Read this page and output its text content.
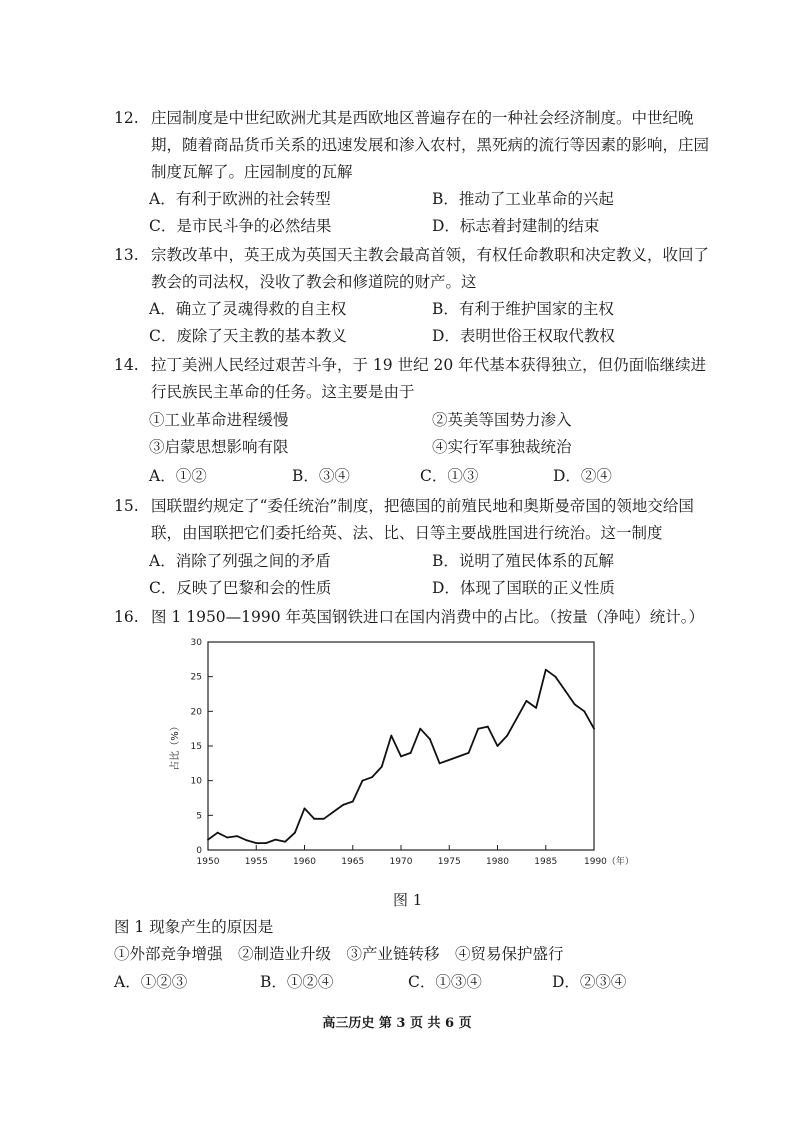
12. 庄园制度是中世纪欧洲尤其是西欧地区普遍存在的一种社会经济制度。中世纪晚期，随着商品货币关系的迅速发展和渗入农村，黑死病的流行等因素的影响，庄园制度瓦解了。庄园制度的瓦解
A．有利于欧洲的社会转型	B．推动了工业革命的兴起
C．是市民斗争的必然结果	D．标志着封建制的结束
13. 宗教改革中，英王成为英国天主教会最高首领，有权任命教职和决定教义，收回了教会的司法权，没收了教会和修道院的财产。这
A．确立了灵魂得救的自主权	B．有利于维护国家的主权
C．废除了天主教的基本教义	D．表明世俗王权取代教权
14. 拉丁美洲人民经过艰苦斗争，于 19 世纪 20 年代基本获得独立，但仍面临继续进行民族民主革命的任务。这主要是由于
①工业革命进程缓慢	②英美等国势力渗入
③启蒙思想影响有限	④实行军事独裁统治
A．①②	B．③④	C．①③	D．②④
15. 国联盟约规定了“委任统治”制度，把德国的前殖民地和奥斯曼帝国的领地交给国联，由国联把它们委托给英、法、比、日等主要战胜国进行统治。这一制度
A．消除了列强之间的矛盾	B．说明了殖民体系的瓦解
C．反映了巴黎和会的性质	D．体现了国联的正义性质
16. 图 1 1950—1990 年英国钢铁进口在国内消费中的占比。（按量（净吨）统计。）
0
5
10
15
20
25
30
1950	1955	1960	1965	1970	1975	1980	1985	1990（年）
占比（%）
图 1
图 1 现象产生的原因是
①外部竞争增强　②制造业升级　③产业链转移　④贸易保护盛行
A．①②③	B．①②④	C．①③④	D．②③④
高三历史 第 3 页 共 6 页
